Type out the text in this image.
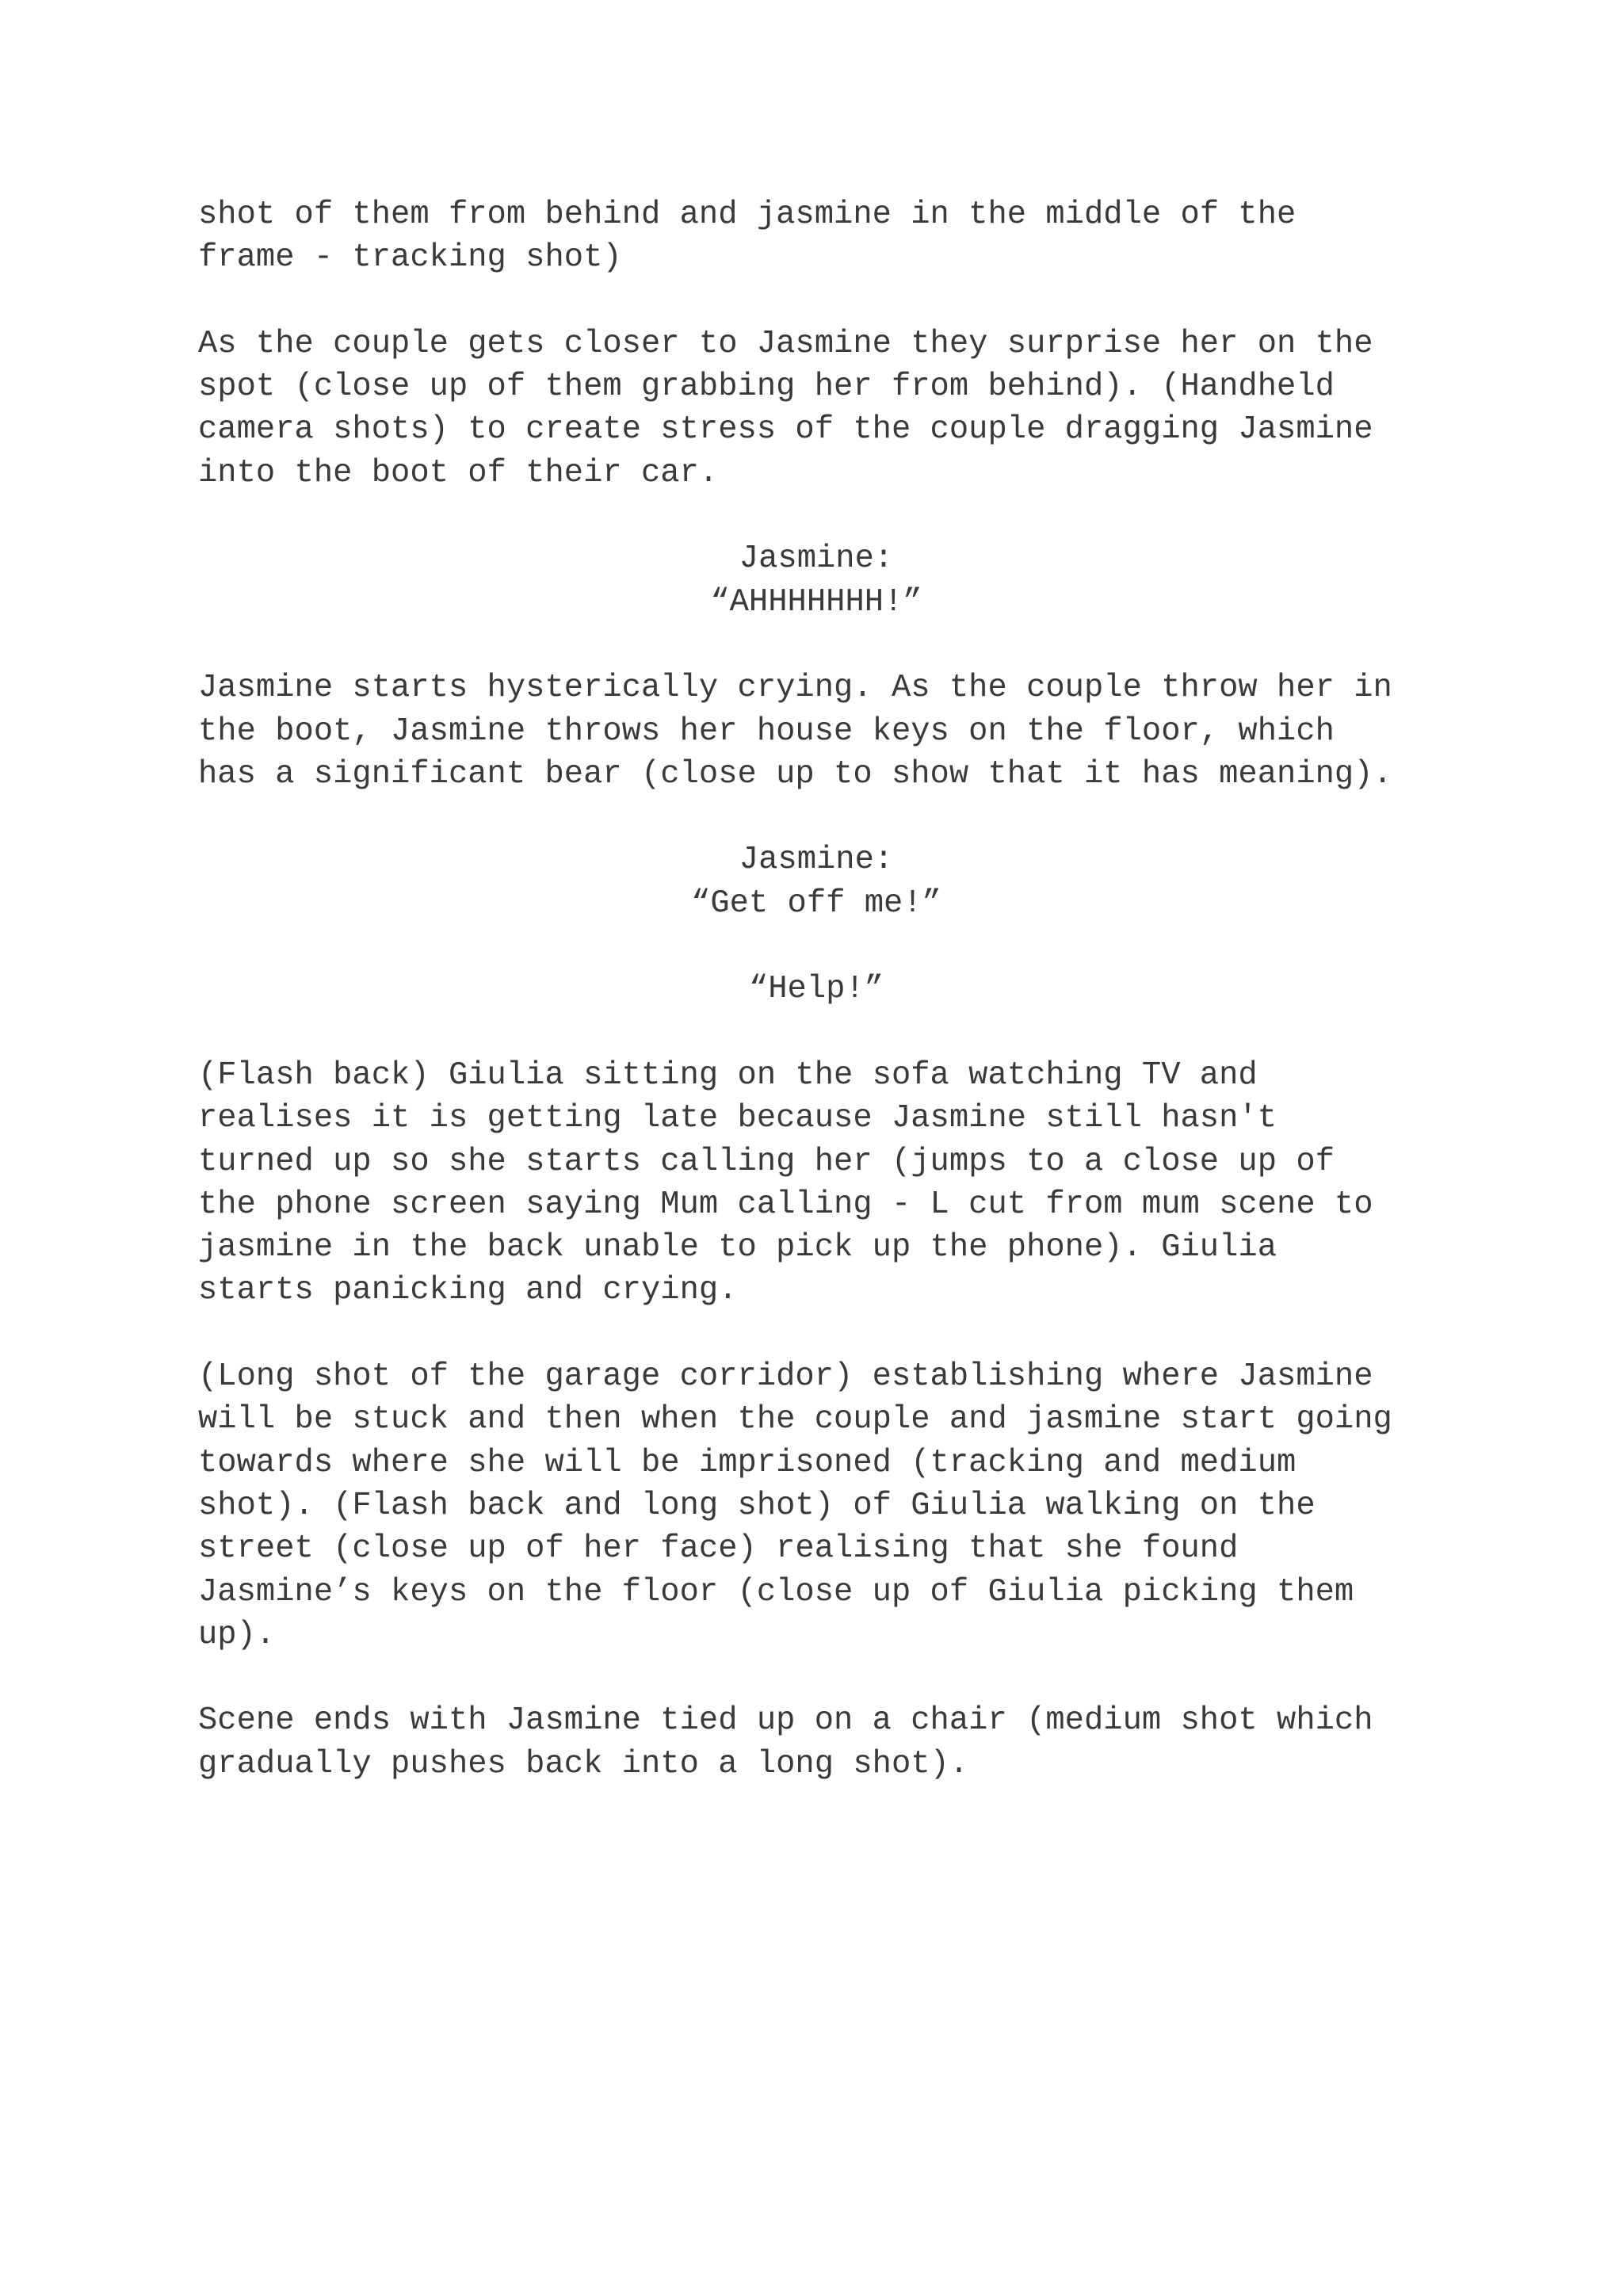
shot of them from behind and jasmine in the middle of the

frame - tracking shot)

As the couple gets closer to Jasmine they surprise her on the

spot (close up of them grabbing her from behind). (Handheld

camera shots) to create stress of the couple dragging Jasmine

into the boot of their car.

Jasmine:

“AHHHHHHH!”

Jasmine starts hysterically crying. As the couple throw her in

the boot, Jasmine throws her house keys on the floor, which

has a significant bear (close up to show that it has meaning).

Jasmine:

“Get off me!”

“Help!”

(Flash back) Giulia sitting on the sofa watching TV and

realises it is getting late because Jasmine still hasn't

turned up so she starts calling her (jumps to a close up of

the phone screen saying Mum calling - L cut from mum scene to

jasmine in the back unable to pick up the phone). Giulia

starts panicking and crying.

(Long shot of the garage corridor) establishing where Jasmine

will be stuck and then when the couple and jasmine start going

towards where she will be imprisoned (tracking and medium

shot). (Flash back and long shot) of Giulia walking on the

street (close up of her face) realising that she found

Jasmine’s keys on the floor (close up of Giulia picking them

up).

Scene ends with Jasmine tied up on a chair (medium shot which

gradually pushes back into a long shot).
